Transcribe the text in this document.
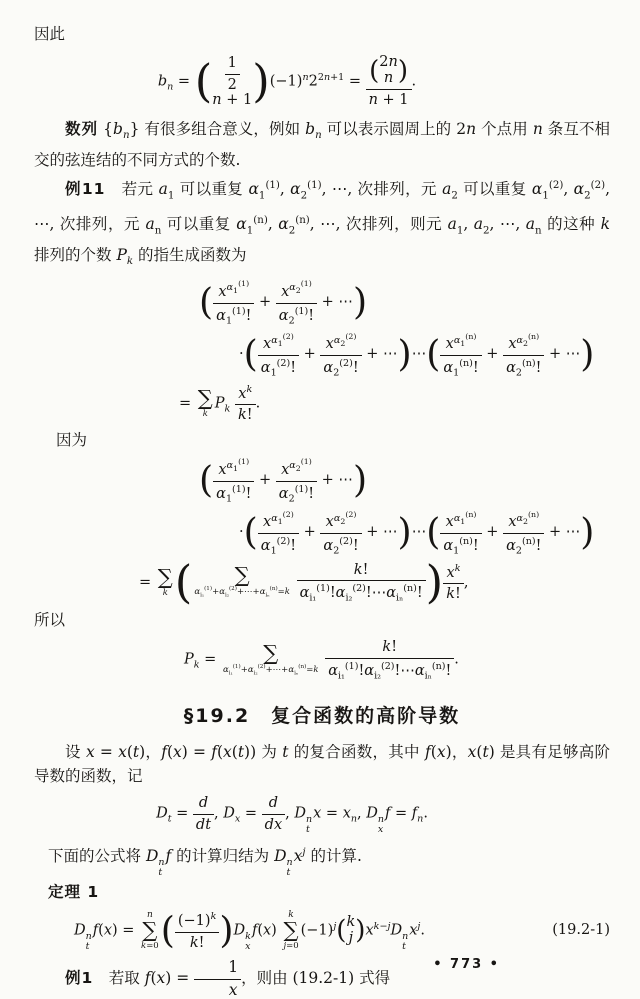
因此

$b_n$ = ( $\frac{1}{2}$
n + 1 )$(-1)^n2^{2n+1}$ = ( 2n
n )
n + 1 .

数列 $\{b_n\}$ 有很多组合意义，例如 $b_n$ 可以表示圆周上的 2n 个点用 n 条互不相交的弦连结的不同方式的个数.

例11　若元 $a_1$ 可以重复 $\alpha_1^{(1)}$, $\alpha_2^{(1)}$, ⋯, 次排列，元 $a_2$ 可以重复 $\alpha_1^{(2)}$, $\alpha_2^{(2)}$, ⋯, 次排列，元 $a_n$ 可以重复 $\alpha_1^{(n)}$, $\alpha_2^{(n)}$, ⋯, 次排列，则元 $a_1$, $a_2$, ⋯, $a_n$ 的这种 k 排列的个数 $P_k$ 的指生成函数为

( $\frac{x^{\alpha_1^{(1)}}}{\alpha_1^{(1)}!} + \frac{x^{\alpha_2^{(1)}}}{\alpha_2^{(1)}!}$ + ⋯)
·( $\frac{x^{\alpha_1^{(2)}}}{\alpha_1^{(2)}!} + \frac{x^{\alpha_2^{(2)}}}{\alpha_2^{(2)}!}$ + ⋯)⋯( $\frac{x^{\alpha_1^{(n)}}}{\alpha_1^{(n)}!} + \frac{x^{\alpha_2^{(n)}}}{\alpha_2^{(n)}!}$ + ⋯)
= ∑
k
$P_k \frac{x^k}{k!}$ .

因为

( $\frac{x^{\alpha_1^{(1)}}}{\alpha_1^{(1)}!} + \frac{x^{\alpha_2^{(1)}}}{\alpha_2^{(1)}!}$ + ⋯)
·( $\frac{x^{\alpha_1^{(2)}}}{\alpha_1^{(2)}!} + \frac{x^{\alpha_2^{(2)}}}{\alpha_2^{(2)}!}$ + ⋯)⋯( $\frac{x^{\alpha_1^{(n)}}}{\alpha_1^{(n)}!} + \frac{x^{\alpha_2^{(n)}}}{\alpha_2^{(n)}!}$ + ⋯)
= ∑
k ( ∑
$\alpha_{i_1}^{(1)}+\alpha_{i_2}^{(2)}+\cdots+\alpha_{i_n}^{(n)}=k$
$\frac{k!}{\alpha_{i_1}^{(1)}!\alpha_{i_2}^{(2)}!\cdots\alpha_{i_n}^{(n)}!}$ ) $\frac{x^k}{k!}$ ,

所以

$P_k$ = ∑
$\alpha_{i_1}^{(1)}+\alpha_{i_2}^{(2)}+\cdots+\alpha_{i_n}^{(n)}=k$
$\frac{k!}{\alpha_{i_1}^{(1)}!\alpha_{i_2}^{(2)}!\cdots\alpha_{i_n}^{(n)}!}$ .
§19.2　复合函数的高阶导数

设 x = x(t)，f(x) = f(x(t)) 为 t 的复合函数，其中 f(x)，x(t) 是具有足够高阶导数的函数，记

$D_t = \frac{d}{dt}$ , $D_x = \frac{d}{dx}$ , D n
t
$x = x_n$, D n
x
$f = f_n$.

下面的公式将 D n
t
f 的计算归结为 D n
t
$x^j$ 的计算.

定理 1

D n
t
f(x) =
n
∑
k=0 ( $\frac{(-1)^k}{k!} )D$ k
x
f(x)
k
∑
j=0
$(-1)^j$( k
j )$x^{k-j}D$ n
t
$x^j$.	(19.2-1)

例1　若取 $f(x) = \frac{1}{x}$ ，则由 (19.2-1) 式得

• 773 •
